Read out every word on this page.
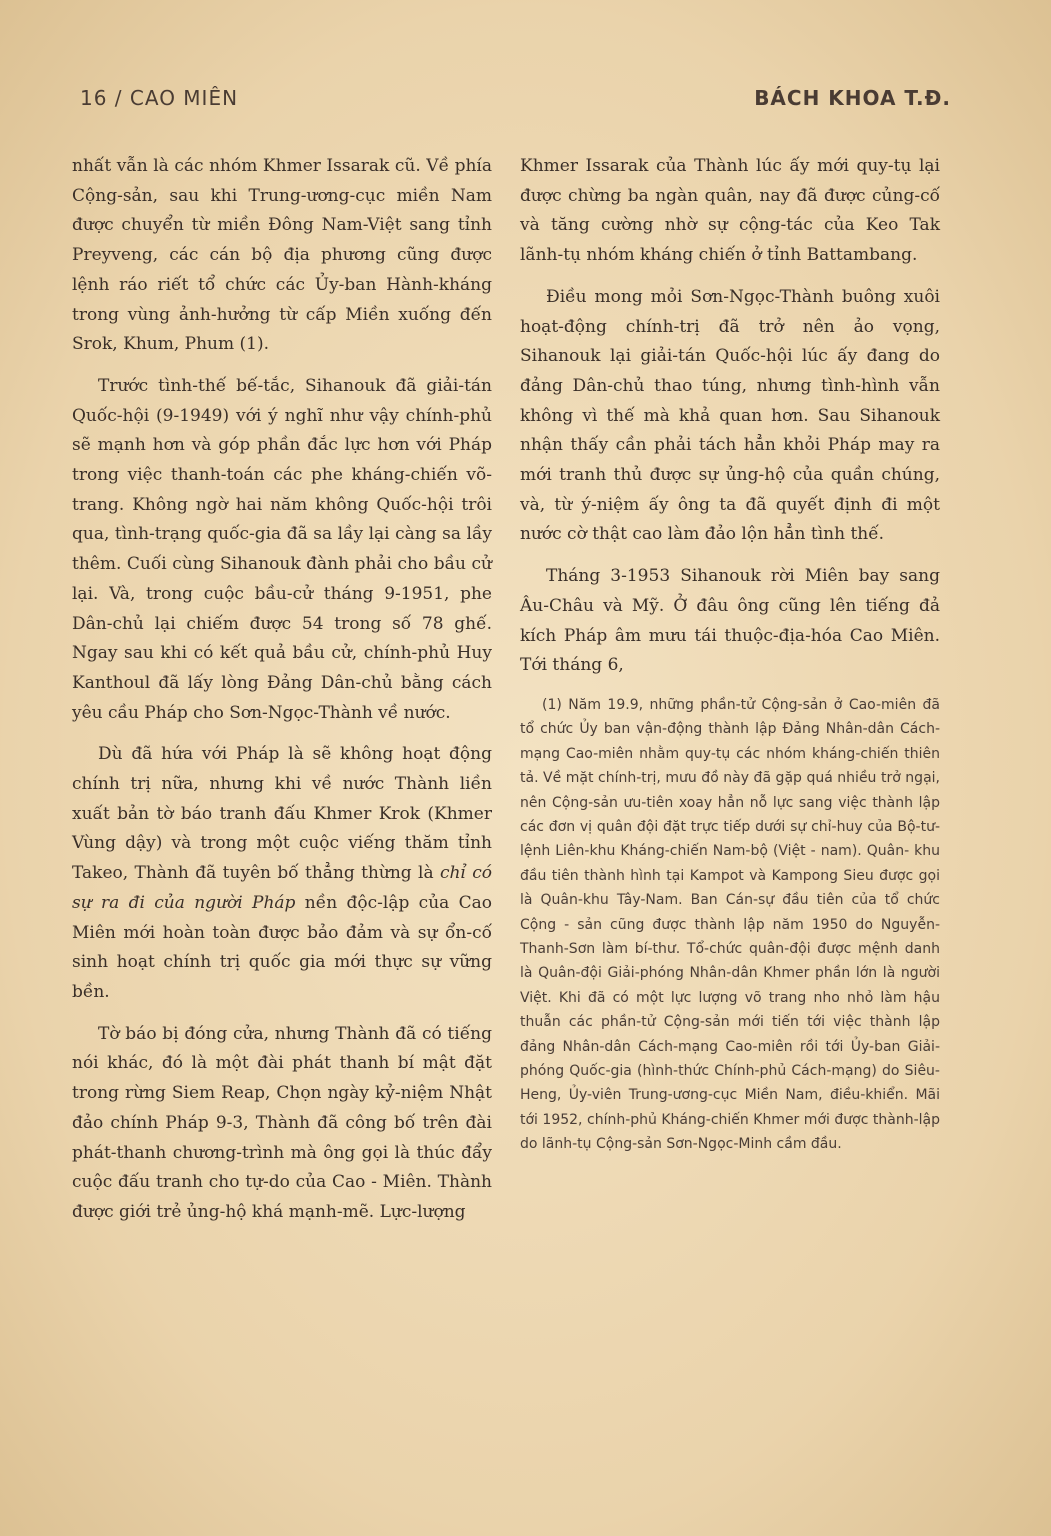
16 / CAO MIÊN	BÁCH KHOA T.Đ.

nhất vẫn là các nhóm Khmer Issarak cũ. Về phía Cộng-sản, sau khi Trung-ương-cục miền Nam được chuyển từ miền Đông Nam-Việt sang tỉnh Preyveng, các cán bộ địa phương cũng được lệnh ráo riết tổ chức các Ủy-ban Hành-kháng trong vùng ảnh-hưởng từ cấp Miền xuống đến Srok, Khum, Phum (1).

Trước tình-thế bế-tắc, Sihanouk đã giải-tán Quốc-hội (9-1949) với ý nghĩ như vậy chính-phủ sẽ mạnh hơn và góp phần đắc lực hơn với Pháp trong việc thanh-toán các phe kháng-chiến võ-trang. Không ngờ hai năm không Quốc-hội trôi qua, tình-trạng quốc-gia đã sa lầy lại càng sa lầy thêm. Cuối cùng Sihanouk đành phải cho bầu cử lại. Và, trong cuộc bầu-cử tháng 9-1951, phe Dân-chủ lại chiếm được 54 trong số 78 ghế. Ngay sau khi có kết quả bầu cử, chính-phủ Huy Kanthoul đã lấy lòng Đảng Dân-chủ bằng cách yêu cầu Pháp cho Sơn-Ngọc-Thành về nước.

Dù đã hứa với Pháp là sẽ không hoạt động chính trị nữa, nhưng khi về nước Thành liền xuất bản tờ báo tranh đấu Khmer Krok (Khmer Vùng dậy) và trong một cuộc viếng thăm tỉnh Takeo, Thành đã tuyên bố thẳng thừng là chỉ có sự ra đi của người Pháp nền độc-lập của Cao Miên mới hoàn toàn được bảo đảm và sự ổn-cố sinh hoạt chính trị quốc gia mới thực sự vững bền.

Tờ báo bị đóng cửa, nhưng Thành đã có tiếng nói khác, đó là một đài phát thanh bí mật đặt trong rừng Siem Reap, Chọn ngày kỷ-niệm Nhật đảo chính Pháp 9-3, Thành đã công bố trên đài phát-thanh chương-trình mà ông gọi là thúc đẩy cuộc đấu tranh cho tự-do của Cao - Miên. Thành được giới trẻ ủng-hộ khá mạnh-mẽ. Lực-lượng

Khmer Issarak của Thành lúc ấy mới quy-tụ lại được chừng ba ngàn quân, nay đã được củng-cố và tăng cường nhờ sự cộng-tác của Keo Tak lãnh-tụ nhóm kháng chiến ở tỉnh Battambang.

Điều mong mỏi Sơn-Ngọc-Thành buông xuôi hoạt-động chính-trị đã trở nên ảo vọng, Sihanouk lại giải-tán Quốc-hội lúc ấy đang do đảng Dân-chủ thao túng, nhưng tình-hình vẫn không vì thế mà khả quan hơn. Sau Sihanouk nhận thấy cần phải tách hẳn khỏi Pháp may ra mới tranh thủ được sự ủng-hộ của quần chúng, và, từ ý-niệm ấy ông ta đã quyết định đi một nước cờ thật cao làm đảo lộn hẳn tình thế.

Tháng 3-1953 Sihanouk rời Miên bay sang Âu-Châu và Mỹ. Ở đâu ông cũng lên tiếng đả kích Pháp âm mưu tái thuộc-địa-hóa Cao Miên. Tới tháng 6,

(1) Năm 19.9, những phần-tử Cộng-sản ở Cao-miên đã tổ chức Ủy ban vận-động thành lập Đảng Nhân-dân Cách-mạng Cao-miên nhằm quy-tụ các nhóm kháng-chiến thiên tả. Về mặt chính-trị, mưu đồ này đã gặp quá nhiều trở ngại, nên Cộng-sản ưu-tiên xoay hẳn nỗ lực sang việc thành lập các đơn vị quân đội đặt trực tiếp dưới sự chỉ-huy của Bộ-tư-lệnh Liên-khu Kháng-chiến Nam-bộ (Việt - nam). Quân- khu đầu tiên thành hình tại Kampot và Kampong Sieu được gọi là Quân-khu Tây-Nam. Ban Cán-sự đầu tiên của tổ chức Cộng - sản cũng được thành lập năm 1950 do Nguyễn-Thanh-Sơn làm bí-thư. Tổ-chức quân-đội được mệnh danh là Quân-đội Giải-phóng Nhân-dân Khmer phần lớn là người Việt. Khi đã có một lực lượng võ trang nho nhỏ làm hậu thuẫn các phần-tử Cộng-sản mới tiến tới việc thành lập đảng Nhân-dân Cách-mạng Cao-miên rồi tới Ủy-ban Giải-phóng Quốc-gia (hình-thức Chính-phủ Cách-mạng) do Siêu-Heng, Ủy-viên Trung-ương-cục Miền Nam, điều-khiển. Mãi tới 1952, chính-phủ Kháng-chiến Khmer mới được thành-lập do lãnh-tụ Cộng-sản Sơn-Ngọc-Minh cầm đầu.
